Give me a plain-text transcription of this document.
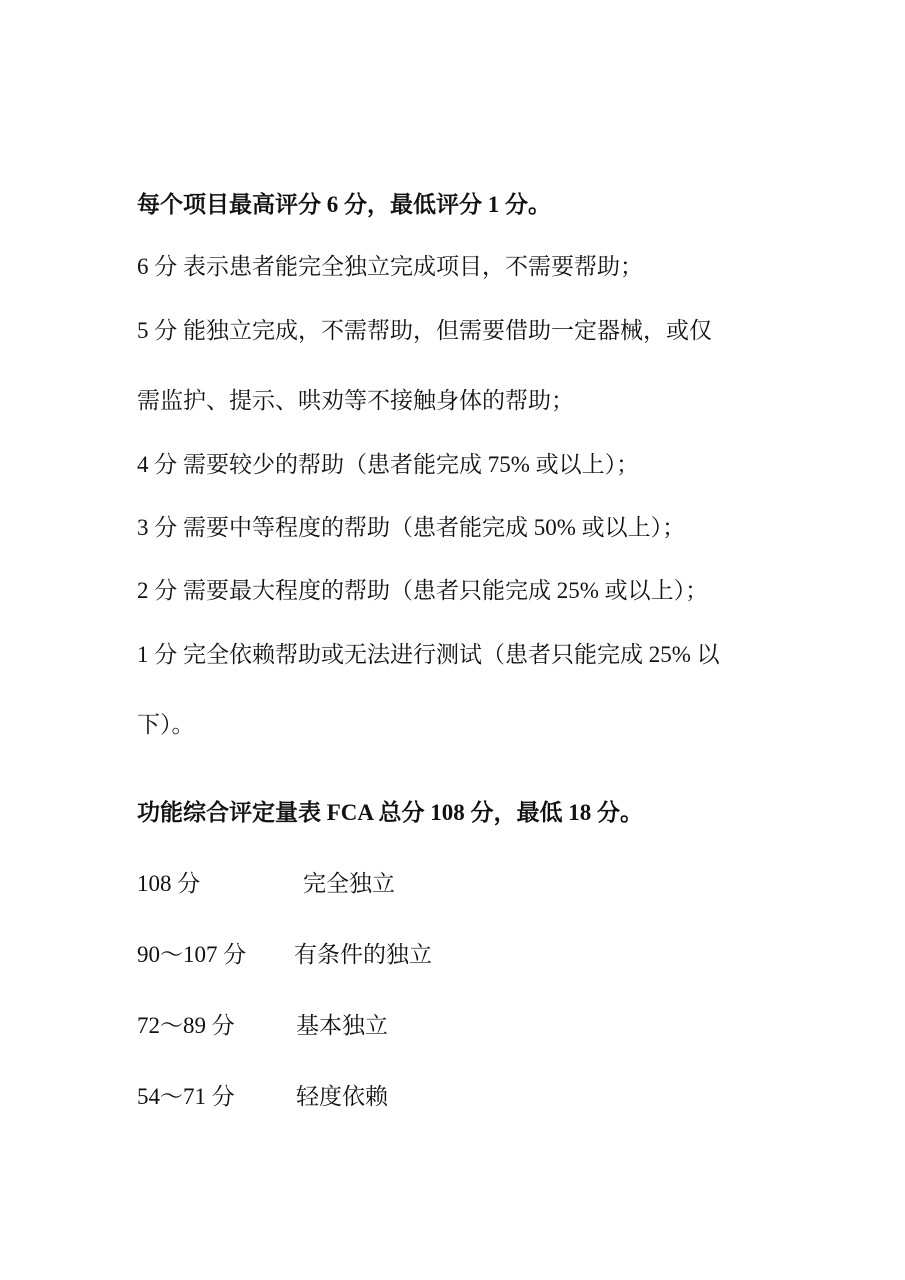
每个项目最高评分 6 分，最低评分 1 分。
6 分 表示患者能完全独立完成项目，不需要帮助；
5 分 能独立完成，不需帮助，但需要借助一定器械，或仅
需监护、提示、哄劝等不接触身体的帮助；
4 分 需要较少的帮助（患者能完成 75% 或以上）；
3 分 需要中等程度的帮助（患者能完成 50% 或以上）；
2 分 需要最大程度的帮助（患者只能完成 25% 或以上）；
1 分 完全依赖帮助或无法进行测试（患者只能完成 25% 以
下）。
功能综合评定量表 FCA 总分 108 分，最低 18 分。
108 分	完全独立
90～107 分 有条件的独立
72～89 分	基本独立
54～71 分	轻度依赖
